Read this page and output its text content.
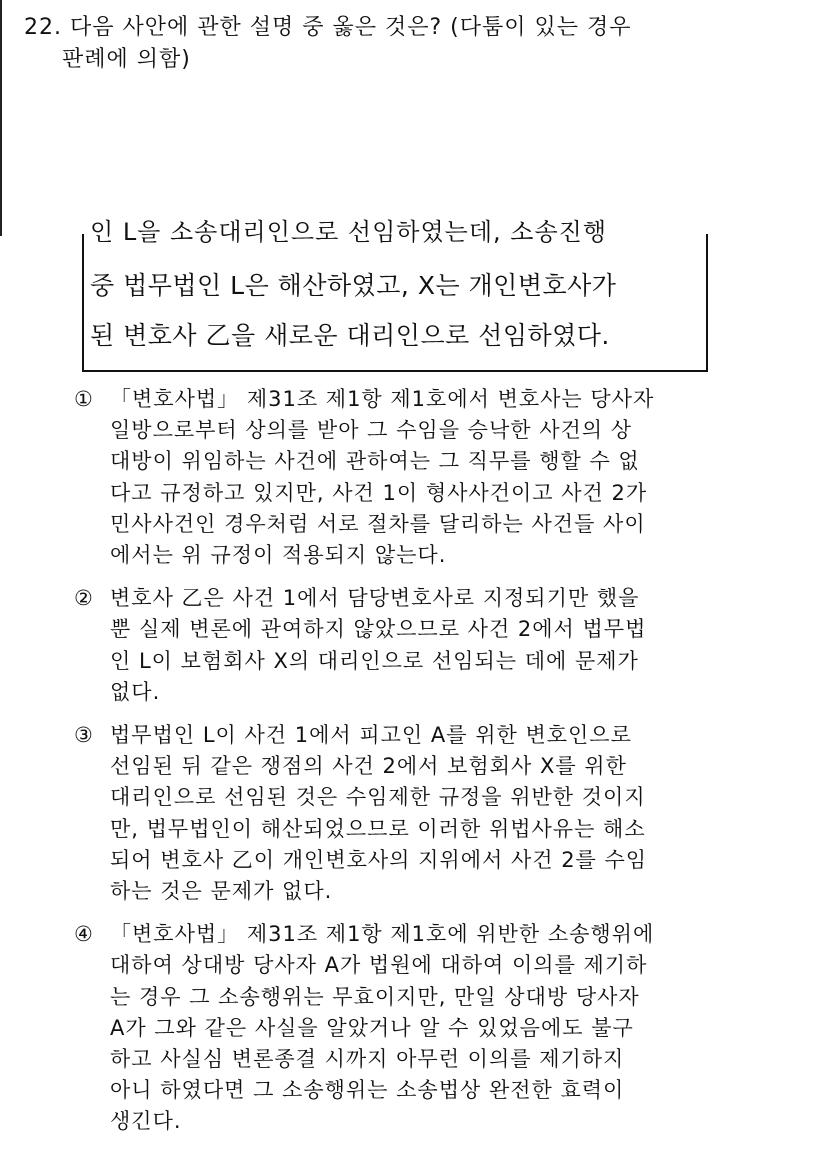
22. 다음 사안에 관한 설명 중 옳은 것은? (다툼이 있는 경우
판례에 의함)

인 L을 소송대리인으로 선임하였는데, 소송진행
중 법무법인 L은 해산하였고, X는 개인변호사가
된 변호사 乙을 새로운 대리인으로 선임하였다.
① 「변호사법」 제31조 제1항 제1호에서 변호사는 당사자
일방으로부터 상의를 받아 그 수임을 승낙한 사건의 상
대방이 위임하는 사건에 관하여는 그 직무를 행할 수 없
다고 규정하고 있지만, 사건 1이 형사사건이고 사건 2가
민사사건인 경우처럼 서로 절차를 달리하는 사건들 사이
에서는 위 규정이 적용되지 않는다.
② 변호사 乙은 사건 1에서 담당변호사로 지정되기만 했을
뿐 실제 변론에 관여하지 않았으므로 사건 2에서 법무법
인 L이 보험회사 X의 대리인으로 선임되는 데에 문제가
없다.
③ 법무법인 L이 사건 1에서 피고인 A를 위한 변호인으로
선임된 뒤 같은 쟁점의 사건 2에서 보험회사 X를 위한
대리인으로 선임된 것은 수임제한 규정을 위반한 것이지
만, 법무법인이 해산되었으므로 이러한 위법사유는 해소
되어 변호사 乙이 개인변호사의 지위에서 사건 2를 수임
하는 것은 문제가 없다.
④ 「변호사법」 제31조 제1항 제1호에 위반한 소송행위에
대하여 상대방 당사자 A가 법원에 대하여 이의를 제기하
는 경우 그 소송행위는 무효이지만, 만일 상대방 당사자
A가 그와 같은 사실을 알았거나 알 수 있었음에도 불구
하고 사실심 변론종결 시까지 아무런 이의를 제기하지
아니 하였다면 그 소송행위는 소송법상 완전한 효력이
생긴다.
